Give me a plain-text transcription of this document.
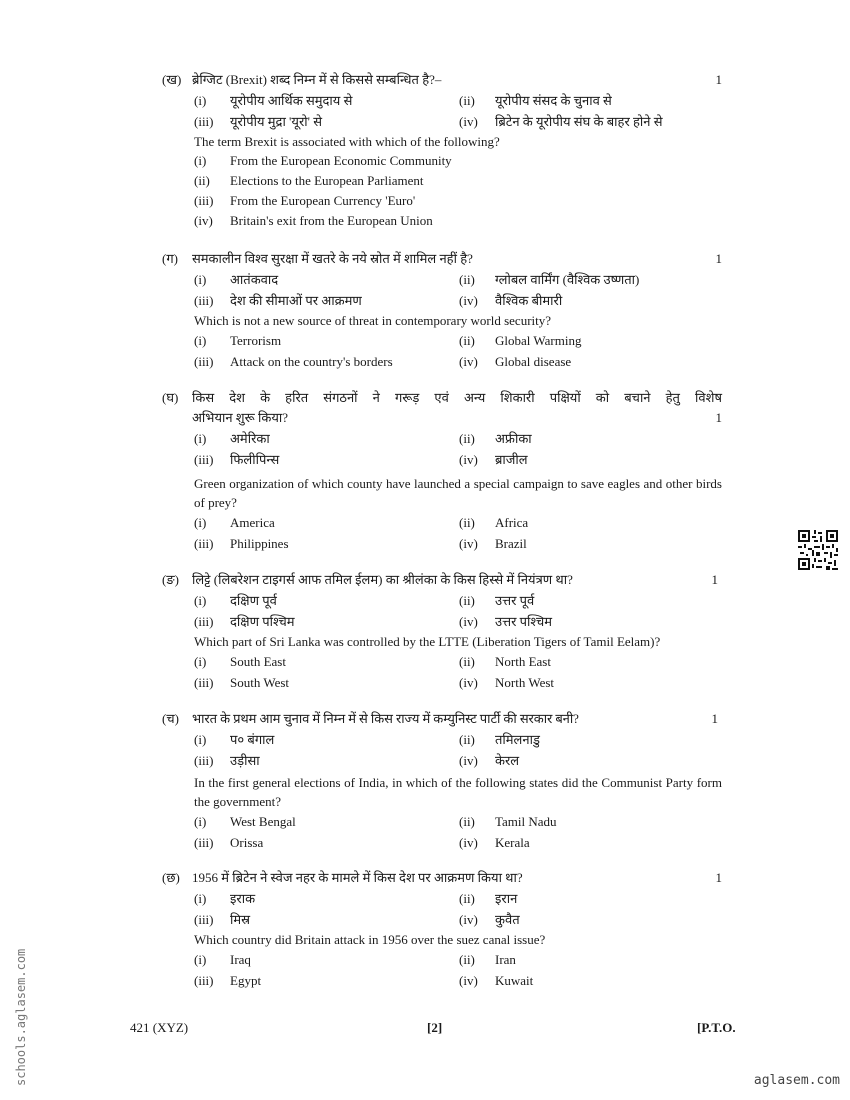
(ख) ब्रेग्जिट (Brexit) शब्द निम्न में से किससे सम्बन्धित है?–	1
(i) यूरोपीय आर्थिक समुदाय से	(ii) यूरोपीय संसद के चुनाव से
(iii) यूरोपीय मुद्रा 'यूरो' से	(iv) ब्रिटेन के यूरोपीय संघ के बाहर होने से

The term Brexit is associated with which of the following?

(i) From the European Economic Community
(ii) Elections to the European Parliament
(iii) From the European Currency 'Euro'
(iv) Britain's exit from the European Union
(ग) समकालीन विश्व सुरक्षा में खतरे के नये स्रोत में शामिल नहीं है?	1
(i) आतंकवाद	(ii) ग्लोबल वार्मिंग (वैश्विक उष्णता)
(iii) देश की सीमाओं पर आक्रमण	(iv) वैश्विक बीमारी

Which is not a new source of threat in contemporary world security?

(i) Terrorism	(ii) Global Warming
(iii) Attack on the country's borders	(iv) Global disease
(घ) किस देश के हरित संगठनों ने गरूड़ एवं अन्य शिकारी पक्षियों को बचाने हेतु विशेष
अभियान शुरू किया?	1
(i) अमेरिका	(ii) अफ्रीका
(iii) फिलीपिन्स	(iv) ब्राजील

Green organization of which county have launched a special campaign to save eagles and other birds of prey?

(i) America	(ii) Africa
(iii) Philippines	(iv) Brazil
(ङ) लिट्टे (लिबरेशन टाइगर्स आफ तमिल ईलम) का श्रीलंका के किस हिस्से में नियंत्रण था?	1
(i) दक्षिण पूर्व	(ii) उत्तर पूर्व
(iii) दक्षिण पश्चिम	(iv) उत्तर पश्चिम

Which part of Sri Lanka was controlled by the LTTE (Liberation Tigers of Tamil Eelam)?

(i) South East	(ii) North East
(iii) South West	(iv) North West
(च) भारत के प्रथम आम चुनाव में निम्न में से किस राज्य में कम्युनिस्ट पार्टी की सरकार बनी?	1
(i) प० बंगाल	(ii) तमिलनाडु
(iii) उड़ीसा	(iv) केरल

In the first general elections of India, in which of the following states did the Communist Party form the government?

(i) West Bengal	(ii) Tamil Nadu
(iii) Orissa	(iv) Kerala
(छ) 1956 में ब्रिटेन ने स्वेज नहर के मामले में किस देश पर आक्रमण किया था?	1
(i) इराक	(ii) इरान
(iii) मिस्र	(iv) कुवैत

Which country did Britain attack in 1956 over the suez canal issue?

(i) Iraq	(ii) Iran
(iii) Egypt	(iv) Kuwait
421 (XYZ)	[2]	[P.T.O.
schools.aglasem.com	aglasem.com
